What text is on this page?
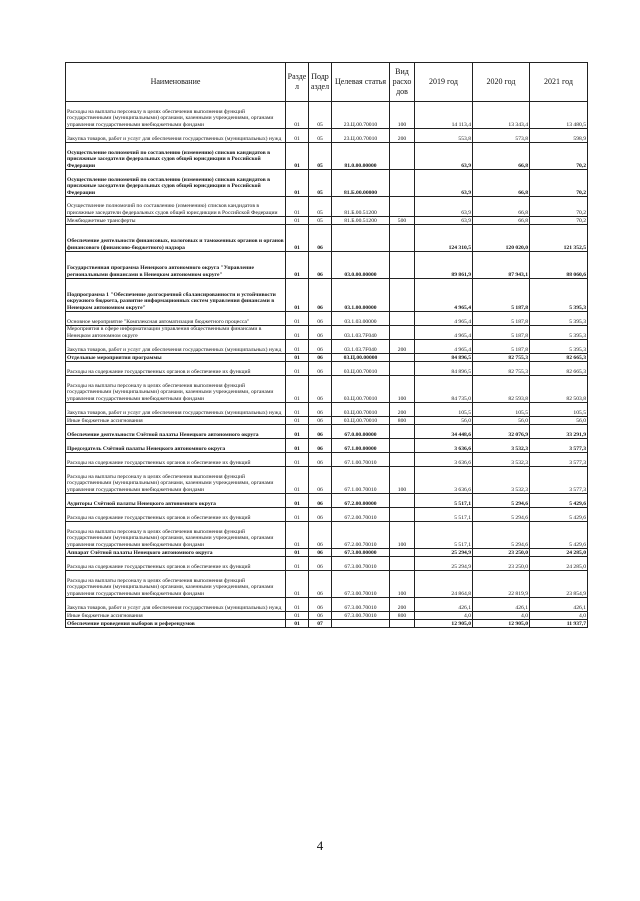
Наименование	Разде л	Подр аздел	Целевая статья	Вид расхо дов	2019 год	2020 год	2021 год
Расходы на выплаты персоналу в целях обеспечения выполнения функций государственными (муниципальными) органами, казенными учреждениями, органами управления государственными внебюджетными фондами	01	05	23.Ц.00.70010	100	14 113,4	13 343,4	13 480,5
Закупка товаров, работ и услуг для обеспечения государственных (муниципальных) нужд	01	05	23.Ц.00.70010	200	553,8	573,8	598,9
Осуществление полномочий по составлению (изменению) списков кандидатов в присяжные заседатели федеральных судов общей юрисдикции в Российской Федерации	01	05	81.0.00.00000		63,9	66,8	70,2
Осуществление полномочий по составлению (изменению) списков кандидатов в присяжные заседатели федеральных судов общей юрисдикции в Российской Федерации	01	05	81.Б.00.00000		63,9	66,8	70,2
Осуществление полномочий по составлению (изменению) списков кандидатов в присяжные заседатели федеральных судов общей юрисдикции в Российской Федерации	01	05	81.Б.00.51200		63,9	66,8	70,2
Межбюджетные трансферты	01	05	81.Б.00.51200	500	63,9	66,8	70,2
Обеспечение деятельности финансовых, налоговых и таможенных органов и органов финансового (финансово-бюджетного) надзора	01	06			124 310,5	120 020,0	121 352,5
Государственная программа Ненецкого автономного округа "Управление региональными финансами в Ненецком автономном округе"	01	06	03.0.00.00000		89 861,9	87 943,1	88 060,6
Подпрограмма 1 "Обеспечение долгосрочной сбалансированности и устойчивости окружного бюджета, развитие информационных систем управления финансами в Ненецком автономном округе"	01	06	03.1.00.00000		4 965,4	5 187,8	5 395,3
Основное мероприятие "Комплексная автоматизация бюджетного процесса"	01	06	03.1.03.00000		4 965,4	5 187,8	5 395,3
Мероприятия в сфере информатизации управления общественными финансами в Ненецком автономном округе	01	06	03.1.03.7F040		4 965,4	5 187,8	5 395,3
Закупка товаров, работ и услуг для обеспечения государственных (муниципальных) нужд	01	06	03.1.03.7F040	200	4 965,4	5 187,8	5 395,3
Отдельные мероприятия программы	01	06	03.Ц.00.00000		84 896,5	82 755,3	82 665,3
Расходы на содержание государственных органов и обеспечение их функций	01	06	03.Ц.00.70010		84 896,5	82 755,3	82 665,3
Расходы на выплаты персоналу в целях обеспечения выполнения функций государственными (муниципальными) органами, казенными учреждениями, органами управления государственными внебюджетными фондами	01	06	03.Ц.00.70010	100	84 735,0	82 593,8	82 503,8
Закупка товаров, работ и услуг для обеспечения государственных (муниципальных) нужд	01	06	03.Ц.00.70010	200	105,5	105,5	105,5
Иные бюджетные ассигнования	01	06	03.Ц.00.70010	800	56,0	56,0	56,0
Обеспечение деятельности Счётной палаты Ненецкого автономного округа	01	06	67.0.00.00000		34 448,6	32 076,9	33 291,9
Председатель Счётной палаты Ненецкого автономного округа	01	06	67.1.00.00000		3 636,6	3 532,3	3 577,3
Расходы на содержание государственных органов и обеспечение их функций	01	06	67.1.00.70010		3 636,6	3 532,3	3 577,3
Расходы на выплаты персоналу в целях обеспечения выполнения функций государственными (муниципальными) органами, казенными учреждениями, органами управления государственными внебюджетными фондами	01	06	67.1.00.70010	100	3 636,6	3 532,3	3 577,3
Аудиторы Счётной палаты Ненецкого автономного округа	01	06	67.2.00.00000		5 517,1	5 294,6	5 429,6
Расходы на содержание государственных органов и обеспечение их функций	01	06	67.2.00.70010		5 517,1	5 294,6	5 429,6
Расходы на выплаты персоналу в целях обеспечения выполнения функций государственными (муниципальными) органами, казенными учреждениями, органами управления государственными внебюджетными фондами	01	06	67.2.00.70010	100	5 517,1	5 294,6	5 429,6
Аппарат Счётной палаты Ненецкого автономного округа	01	06	67.3.00.00000		25 294,9	23 250,0	24 285,0
Расходы на содержание государственных органов и обеспечение их функций	01	06	67.3.00.70010		25 294,9	23 250,0	24 285,0
Расходы на выплаты персоналу в целях обеспечения выполнения функций государственными (муниципальными) органами, казенными учреждениями, органами управления государственными внебюджетными фондами	01	06	67.3.00.70010	100	24 864,8	22 819,9	23 854,9
Закупка товаров, работ и услуг для обеспечения государственных (муниципальных) нужд	01	06	67.3.00.70010	200	426,1	426,1	426,1
Иные бюджетные ассигнования	01	06	67.3.00.70010	800	4,0	4,0	4,0
Обеспечение проведения выборов и референдумов	01	07			12 905,0	12 905,0	11 937,7
4
